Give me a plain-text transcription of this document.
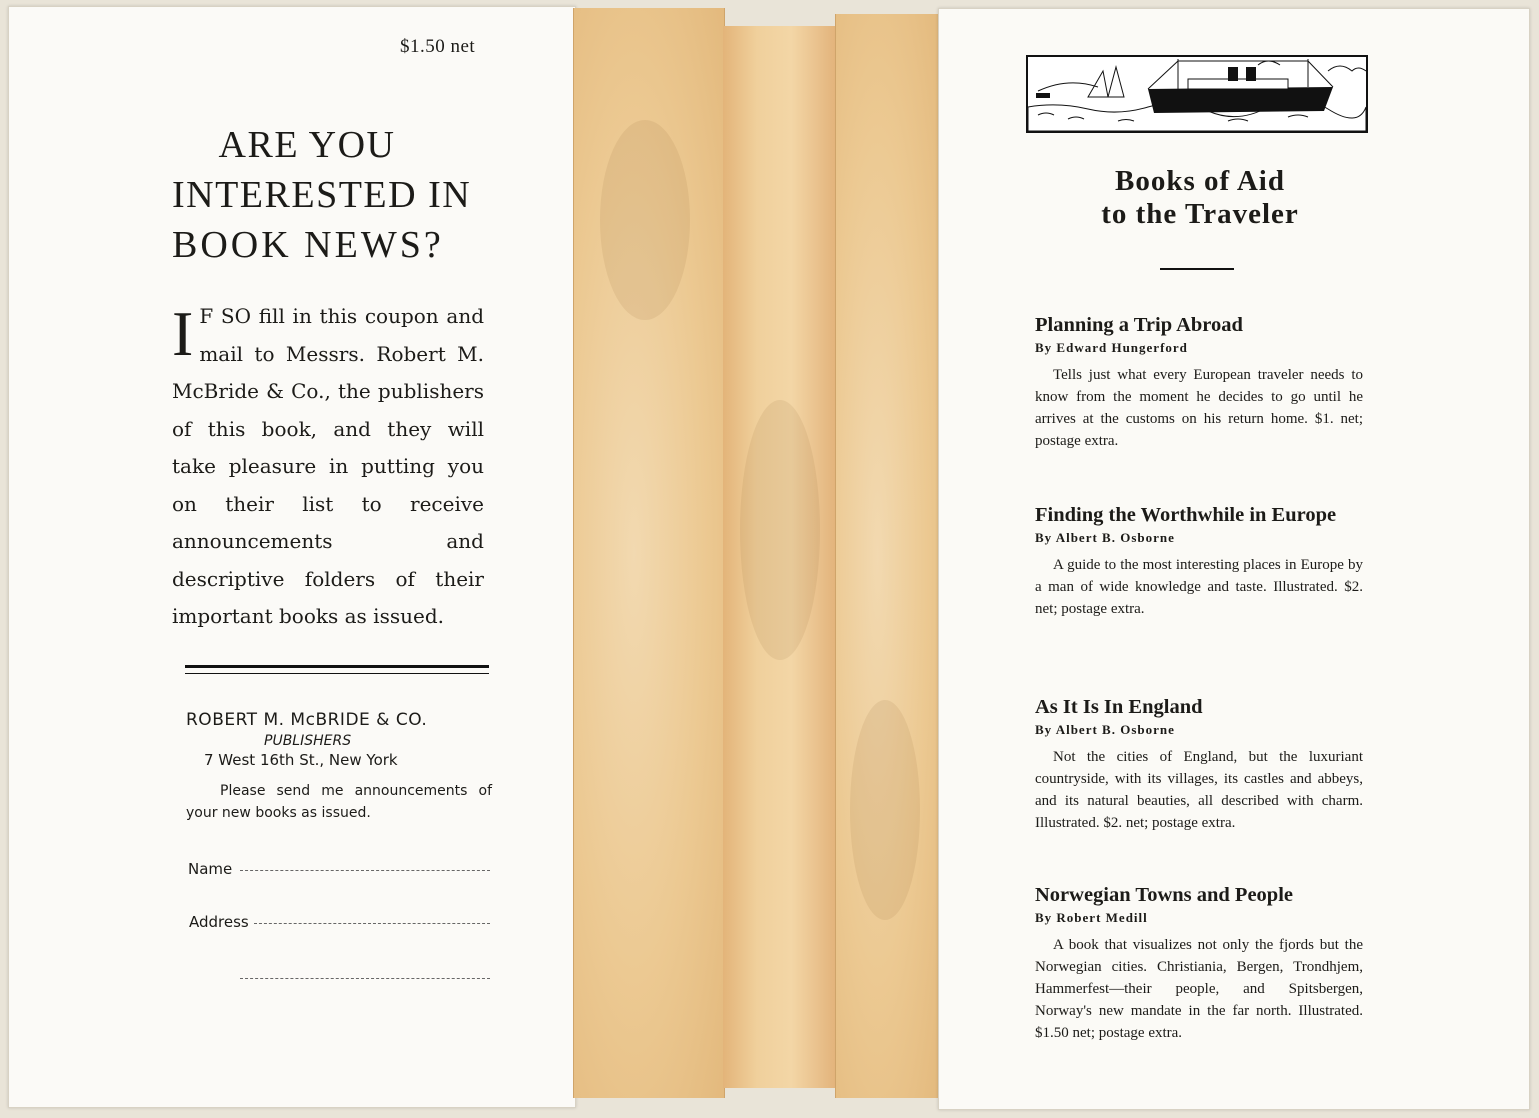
$1.50 net
ARE YOU
INTERESTED IN
BOOK NEWS?
I F SO fill in this coupon and mail to Messrs. Robert M. McBride & Co., the publishers of this book, and they will take pleasure in putting you on their list to receive announcements and descriptive folders of their important books as issued.
ROBERT M. McBRIDE & CO.
PUBLISHERS
7 West 16th St., New York
Please send me announcements of your new books as issued.
Name
Address
Books of Aid
to the Traveler
Planning a Trip Abroad
By Edward Hungerford
Tells just what every European traveler needs to know from the moment he decides to go until he arrives at the customs on his return home. $1. net; postage extra.
Finding the Worthwhile in Europe
By Albert B. Osborne
A guide to the most interesting places in Europe by a man of wide knowledge and taste. Illustrated. $2. net; postage extra.
As It Is In England
By Albert B. Osborne
Not the cities of England, but the luxuriant countryside, with its villages, its castles and abbeys, and its natural beauties, all described with charm. Illustrated. $2. net; postage extra.
Norwegian Towns and People
By Robert Medill
A book that visualizes not only the fjords but the Norwegian cities. Christiania, Bergen, Trondhjem, Hammerfest—their people, and Spitsbergen, Norway's new mandate in the far north. Illustrated. $1.50 net; postage extra.
